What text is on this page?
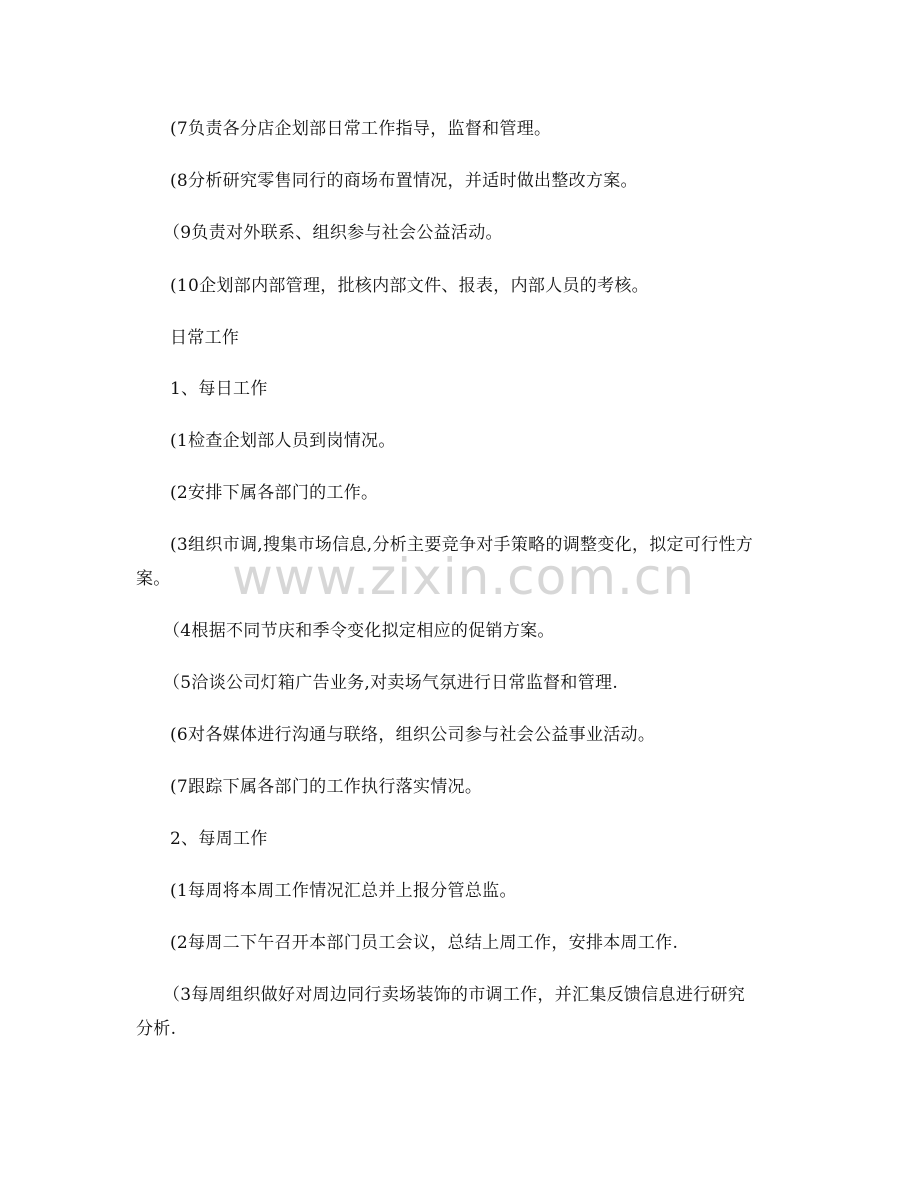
www.zixin.com.cn
(7负责各分店企划部日常工作指导，监督和管理。
(8分析研究零售同行的商场布置情况，并适时做出整改方案。
（9负责对外联系、组织参与社会公益活动。
(10企划部内部管理，批核内部文件、报表，内部人员的考核。
日常工作
1、每日工作
(1检查企划部人员到岗情况。
(2安排下属各部门的工作。
(3组织市调,搜集市场信息,分析主要竞争对手策略的调整变化，拟定可行性方
案。
（4根据不同节庆和季令变化拟定相应的促销方案。
（5洽谈公司灯箱广告业务,对卖场气氛进行日常监督和管理.
(6对各媒体进行沟通与联络，组织公司参与社会公益事业活动。
(7跟踪下属各部门的工作执行落实情况。
2、每周工作
(1每周将本周工作情况汇总并上报分管总监。
(2每周二下午召开本部门员工会议，总结上周工作，安排本周工作.
（3每周组织做好对周边同行卖场装饰的市调工作，并汇集反馈信息进行研究
分析.
